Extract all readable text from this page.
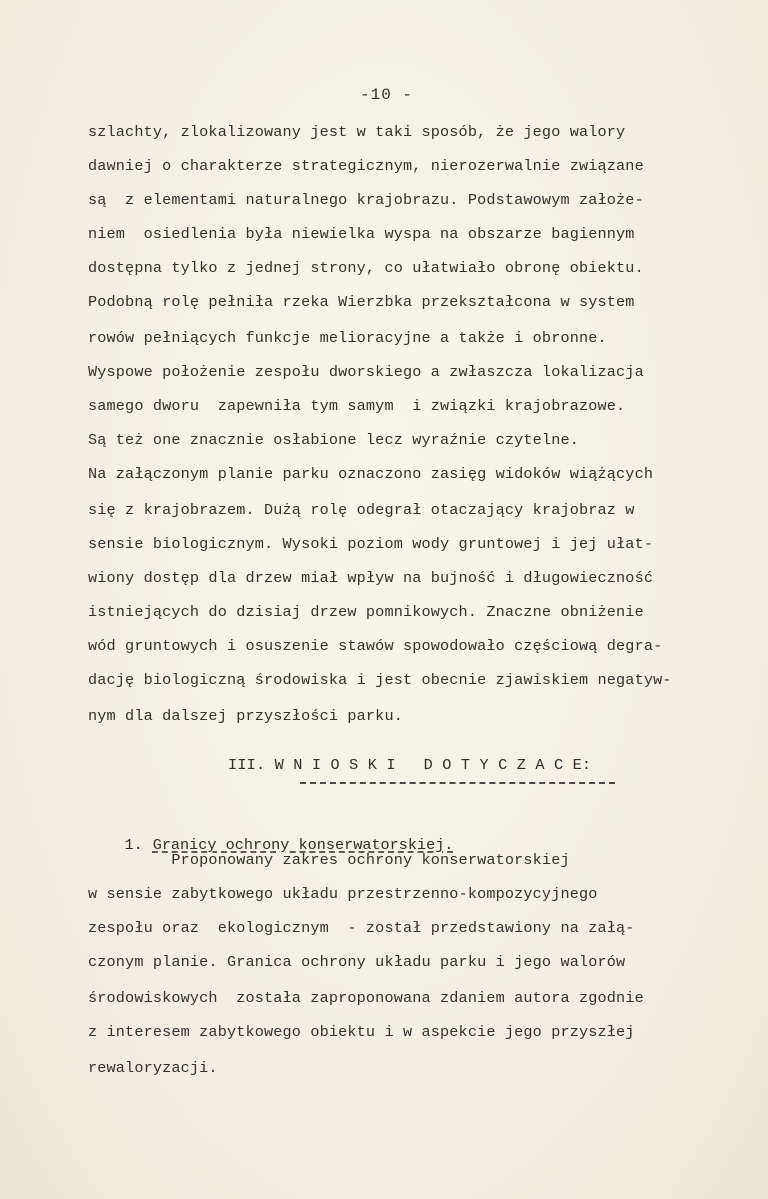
-10 -
szlachty, zlokalizowany jest w taki sposób, że jego walory
dawniej o charakterze strategicznym, nierozerwalnie związane
są  z elementami naturalnego krajobrazu. Podstawowym założe-
niem  osiedlenia była niewielka wyspa na obszarze bagiennym
dostępna tylko z jednej strony, co ułatwiało obronę obiektu.
Podobną rolę pełniła rzeka Wierzbka przekształcona w system
rowów pełniących funkcje melioracyjne a także i obronne.
Wyspowe położenie zespołu dworskiego a zwłaszcza lokalizacja
samego dworu  zapewniła tym samym  i związki krajobrazowe.
Są też one znacznie osłabione lecz wyraźnie czytelne.
Na załączonym planie parku oznaczono zasięg widoków wiążących
się z krajobrazem. Dużą rolę odegrał otaczający krajobraz w
sensie biologicznym. Wysoki poziom wody gruntowej i jej ułat-
wiony dostęp dla drzew miał wpływ na bujność i długowieczność
istniejących do dzisiaj drzew pomnikowych. Znaczne obniżenie
wód gruntowych i osuszenie stawów spowodowało częściową degra-
dację biologiczną środowiska i jest obecnie zjawiskiem negatyw-
nym dla dalszej przyszłości parku.
III. W N I O S K I   D O T Y C Z A C E:

1. Granicy ochrony konserwatorskiej.

Proponowany zakres ochrony konserwatorskiej
w sensie zabytkowego układu przestrzenno-kompozycyjnego
zespołu oraz  ekologicznym  - został przedstawiony na załą-
czonym planie. Granica ochrony układu parku i jego walorów
środowiskowych  została zaproponowana zdaniem autora zgodnie
z interesem zabytkowego obiektu i w aspekcie jego przyszłej
rewaloryzacji.
